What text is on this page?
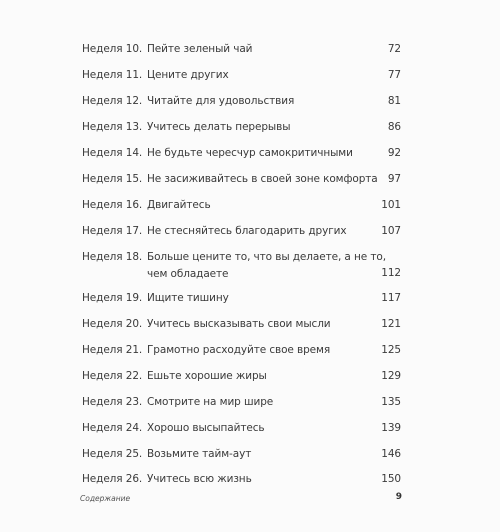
Неделя 10. Пейте зеленый чай	72
Неделя 11. Цените других	77
Неделя 12. Читайте для удовольствия	81
Неделя 13. Учитесь делать перерывы	86
Неделя 14. Не будьте чересчур самокритичными	92
Неделя 15. Не засиживайтесь в своей зоне комфорта 97
Неделя 16. Двигайтесь	101
Неделя 17. Не стесняйтесь благодарить других	107
Неделя 18. Больше цените то, что вы делаете, а не то,
чем обладаете	112
Неделя 19. Ищите тишину	117
Неделя 20. Учитесь высказывать свои мысли	121
Неделя 21. Грамотно расходуйте свое время	125
Неделя 22. Ешьте хорошие жиры	129
Неделя 23. Смотрите на мир шире	135
Неделя 24. Хорошо высыпайтесь	139
Неделя 25. Возьмите тайм-аут	146
Неделя 26. Учитесь всю жизнь	150
Содержание	9
